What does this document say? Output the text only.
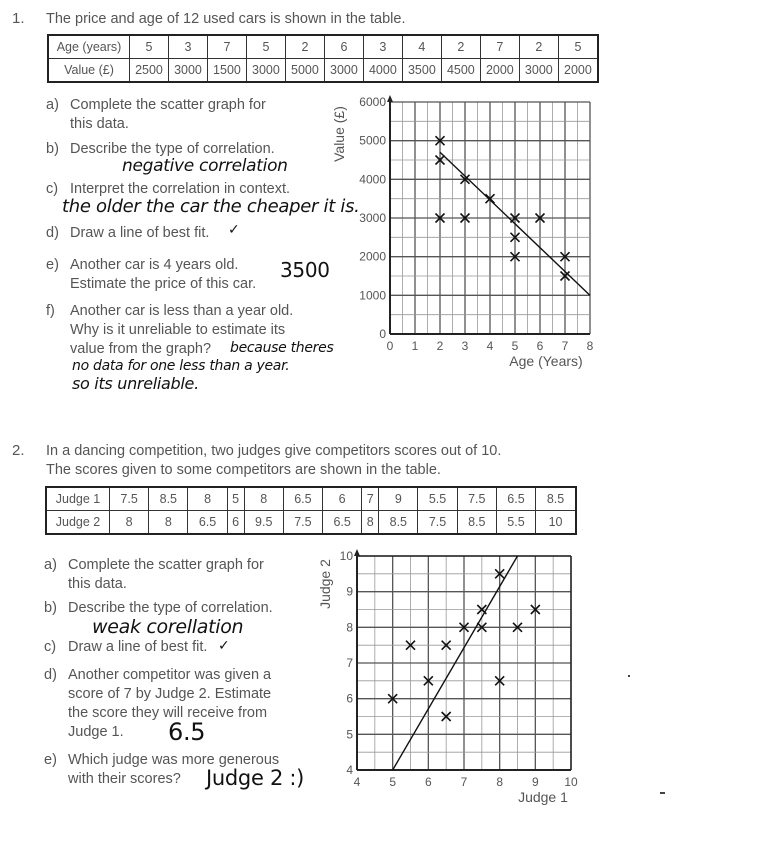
1. The price and age of 12 used cars is shown in the table.
Age (years)	5	3	7	5	2	6	3	4	2	7	2	5
Value (£)	2500	3000	1500	3000	5000	3000	4000	3500	4500	2000	3000	2000
a) Complete the scatter graph for
this data.
b) Describe the type of correlation.
c) Interpret the correlation in context.
d) Draw a line of best fit.
e) Another car is 4 years old.
Estimate the price of this car.
f) Another car is less than a year old.
Why is it unreliable to estimate its
value from the graph?
negative correlation
the older the car the cheaper it is.
✓
3500
because theres
no data for one less than a year.
so its unreliable.
0 1 2 3 4 5 6 7 8
0
1000
2000
3000
4000
5000
6000
Age (Years)
Value (£)
2. In a dancing competition, two judges give competitors scores out of 10.
The scores given to some competitors are shown in the table.
Judge 1	7.5	8.5	8	5	8	6.5	6	7	9	5.5	7.5	6.5	8.5
Judge 2	8	8	6.5	6	9.5	7.5	6.5	8	8.5	7.5	8.5	5.5	10
a) Complete the scatter graph for
this data.
b) Describe the type of correlation.
c) Draw a line of best fit.
d) Another competitor was given a
score of 7 by Judge 2. Estimate
the score they will receive from
Judge 1.
e) Which judge was more generous
with their scores?
weak corellation
✓
6.5
Judge 2 :)	4 5 6 7 8 9 10
4
5
6
7
8
9
10
Judge 1
Judge 2
